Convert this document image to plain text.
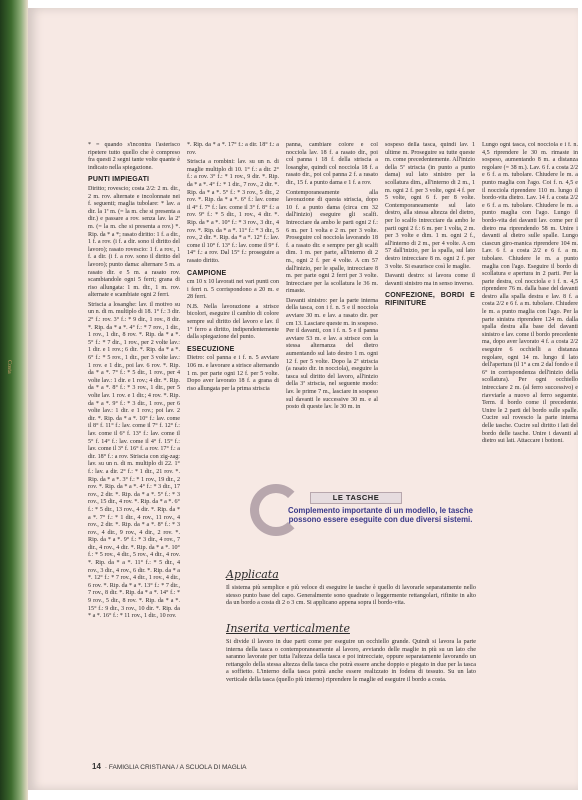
Costa

* = quando s'incontra l'asterisco ripetere tutto quello che è compreso fra questi 2 segni tante volte quante è indicato nella spiegazione.

PUNTI IMPIEGATI

Diritto; rovescio; costa 2/2: 2 m. dir., 2 m. rov. alternate e incolonnate nei f. seguenti; maglia tubolare: * lav. a dir. la 1ª m. (= la m. che si presenta a dir.) e passare a rov. senza lav. la 2ª m. (= la m. che si presenta a rov.) *. Rip. da * a *; rasato diritto: 1 f. a dir., 1 f. a rov. (i f. a dir. sono il diritto del lavoro); rasato rovescio: 1 f. a rov., 1 f. a dir. (i f. a rov. sono il diritto del lavoro); punto dama: alternare 5 m. a rasato dir. e 5 m. a rasato rov. scambiandole ogni 5 ferri; grana di riso allungata: 1 m. dir., 1 m. rov. alternate e scambiate ogni 2 ferri.

Striscia a losanghe: lav. il motivo su un n. di m. multiplo di 18. 1° f.: 3 dir. 2° f.: rov. 3° f.: * 9 dir., 1 rov., 8 dir. *. Rip. da * a *. 4° f.: * 7 rov., 1 dir., 1 rov., 1 dir., 8 rov. *. Rip. da * a *. 5° f.: * 7 dir., 1 rov., per 2 volte lav.: 1 dir. e 1 rov.; 6 dir. *. Rip. da * a *. 6° f.: * 5 rov., 1 dir., per 3 volte lav.: 1 rov. e 1 dir., poi lav. 6 rov. *. Rip. da * a *. 7° f.: * 5 dir., 1 rov., per 4 volte lav.: 1 dir. e 1 rov.; 4 dir. *. Rip. da * a *. 8° f.: * 3 rov., 1 dir., per 5 volte lav. 1 rov. e 1 dir.; 4 rov. *. Rip. da * a *. 9° f.: * 3 dir., 1 rov., per 6 volte lav.: 1 dir. e 1 rov.; poi lav. 2 dir. *. Rip. da * a *. 10° f.: lav. come il 8° f. 11° f.: lav. come il 7° f. 12° f.: lav. come il 6° f. 13° f.: lav. come il 5° f. 14° f.: lav. come il 4° f. 15° f.: lav. come il 3° f. 16° f. a rov. 17° f.: a dir. 18° f.: a rov. Striscia con zig-zag: lav. su un n. di m. multiplo di 22. 1° f.: lav. a dir. 2° f.: * 1 dir., 21 rov. *. Rip. da * a *. 3° f.: * 1 rov., 19 dir., 2 rov. *. Rip. da * a *. 4° f.: * 3 dir., 17 rov., 2 dir. *. Rip. da * a *. 5° f.: * 3 rov., 15 dir., 4 rov. *. Rip. da * a *. 6° f.: * 5 dir., 13 rov., 4 dir. *. Rip. da * a *. 7° f.: * 1 dir., 4 rov., 11 rov., 4 rov., 2 dir. *. Rip. da * a *. 8° f.: * 3 rov., 4 dir., 9 rov., 4 dir., 2 rov. *. Rip. da * a *. 9° f.: * 3 dir., 4 rov., 7 dir., 4 rov., 4 dir. *. Rip. da * a *. 10° f.: * 5 rov., 4 dir., 5 rov., 4 dir., 4 rov. *. Rip. da * a *. 11° f.: * 5 dir., 4 rov., 3 dir., 4 rov., 6 dir. *. Rip. da * a *. 12° f.: * 7 rov., 4 dir., 1 rov., 4 dir., 6 rov. *. Rip. da * a *. 13° f.: * 7 dir., 7 rov., 8 dir. *. Rip. da * a *. 14° f.: * 9 rov., 5 dir., 8 rov. *. Rip. da * a *. 15° f.: 9 dir., 3 rov., 10 dir. *. Rip. da * a *. 16° f.: * 11 rov., 1 dir., 10 rov.

*. Rip. da * a *. 17° f.: a dir. 18° f.: a rov.

Striscia a rombini: lav. su un n. di maglie multiplo di 10. 1° f.: a dir. 2° f.: a rov. 3° f.: * 1 rov., 9 dir. *. Rip. da * a *. 4° f.: * 1 dir., 7 rov., 2 dir. *. Rip. da * a *. 5° f.: * 3 rov., 5 dir., 2 rov. *. Rip. da * a *. 6° f.: lav. come il 4° f. 7° f.: lav. come il 3° f. 8° f.: a rov. 9° f.: * 5 dir., 1 rov., 4 dir. *. Rip. da * a *. 10° f.: * 3 rov., 3 dir., 4 rov. *. Rip. da * a *. 11° f.: * 3 dir., 5 rov., 2 dir. *. Rip. da * a *. 12° f.: lav. come il 10° f. 13° f.: lav. come il 9° f. 14° f.: a rov. Dal 15° f.: proseguire a rasato diritto.

CAMPIONE

cm 10 x 10 lavorati nei vari punti con i ferri n. 5 corrispondono a 20 m. e 28 ferri.

N.B. Nella lavorazione a strisce bicolori, eseguire il cambio di colore sempre sul diritto del lavoro e lav. il 1° ferro a diritto, indipendentemente dalla spiegazione del punto.

ESECUZIONE

Dietro: col panna e i f. n. 5 avviare 106 m. e lavorare a strisce alternando 1 m. per parte ogni 12 f. per 5 volte. Dopo aver lavorato 18 f. a grana di riso allungata per la prima striscia

panna, cambiare colore e col nocciola lav. 18 f. a rasato dir., poi col panna i 18 f. della striscia a losanghe, quindi col nocciola 18 f. a rasato dir., poi col panna 2 f. a rasato dir., 15 f. a punto dama e 1 f. a rov.

Contemporaneamente alla lavorazione di questa striscia, dopo 10 f. a punto dama (circa cm 32 dall'inizio) eseguire gli scalfi. Intrecciare da ambo le parti ogni 2 f.: 6 m. per 1 volta e 2 m. per 3 volte. Proseguire col nocciola lavorando 18 f. a rasato dir. e sempre per gli scalfi dim. 1 m. per parte, all'interno di 2 m., ogni 2 f. per 4 volte. A cm 57 dall'inizio, per le spalle, intrecciare 8 m. per parte ogni 2 ferri per 3 volte. Intrecciare per la scollatura le 36 m. rimaste.

Davanti sinistro: per la parte interna della tasca, con i f. n. 5 e il nocciola avviare 30 m. e lav. a rasato dir. per cm 13. Lasciare queste m. in sospeso. Per il davanti, con i f. n. 5 e il panna avviare 53 m. e lav. a strisce con la stessa alternanza del dietro aumentando sul lato destro 1 m. ogni 12 f. per 5 volte. Dopo la 2ª striscia (a rasato dir. in nocciola), eseguire la tasca sul diritto del lavoro, all'inizio della 3ª striscia, nel seguente modo: lav. le prime 7 m., lasciare in sospeso sul davanti le successive 30 m. e al posto di queste lav. le 30 m. in

sospeso della tasca, quindi lav. 1 ultime m. Proseguire su tutte queste m. come precedentemente. All'inizio della 5ª striscia (in punto a punto dama) sul lato sinistro per la scollatura dim., all'interno di 2 m., 1 m. ogni 2 f. per 3 volte, ogni 4 f. per 5 volte, ogni 6 f. per 8 volte. Contemporaneamente sul lato destro, alla stessa altezza del dietro, per lo scalfo intrecciare da ambo le parti ogni 2 f.: 6 m. per 1 volta, 2 m. per 3 volte e dim. 1 m. ogni 2 f., all'interno di 2 m., per 4 volte. A cm 57 dall'inizio, per la spalla, sul lato destro intrecciare 8 m. ogni 2 f. per 3 volte. Si esaurisce così le maglie.

Davanti destro: si lavora come il davanti sinistro ma in senso inverso.

CONFEZIONE, BORDI E RIFINITURE

Lungo ogni tasca, col nocciola e i f. n. 4,5 riprendere le 30 m. rimaste in sospeso, aumentando 8 m. a distanza regolare (= 38 m.). Lav. 6 f. a costa 2/2 e 6 f. a m. tubolare. Chiudere le m. a punto maglia con l'ago. Coi f. n. 4,5 e il nocciola riprendere 110 m. lungo il bordo-vita dietro. Lav. 14 f. a costa 2/2 e 6 f. a m. tubolare. Chiudere le m. a punto maglia con l'ago. Lungo il bordo-vita dei davanti lav. come per il dietro ma riprendendo 58 m. Unire i davanti al dietro sulle spalle. Lungo ciascun giro-manica riprendere 104 m. Lav. 6 f. a costa 2/2 e 6 f. a m. tubolare. Chiudere le m. a punto maglia con l'ago. Eseguire il bordo di scollatura e apertura in 2 parti. Per la parte destra, col nocciola e i f. n. 4,5 riprendere 76 m. dalla base del davanti destro alla spalla destra e lav. 8 f. a costa 2/2 e 6 f. a m. tubolare. Chiudere le m. a punto maglia con l'ago. Per la parte sinistra riprendere 124 m. dalla spalla destra alla base del davanti sinistro e lav. come il bordo precedente ma, dopo aver lavorato 4 f. a costa 2/2 eseguire 6 occhielli a distanza regolare, ogni 14 m. lungo il lato dell'apertura (il 1° a cm 2 dal fondo e il 6° in corrispondenza dell'inizio della scollatura). Per ogni occhiello intrecciare 2 m. (al ferro successivo) e riavviarle a nuovo al ferro seguente. Term. il bordo come il precedente. Unire le 2 parti del bordo sulle spalle. Cucire sul rovescio la parte interna delle tasche. Cucire sul diritto i lati del bordo delle tasche. Unire i davanti al dietro sui lati. Attaccare i bottoni.

LE TASCHE
Complemento importante di un modello, le tasche possono essere eseguite con due diversi sistemi.
Applicata
Il sistema più semplice e più veloce di eseguire le tasche è quello di lavorarle separatamente nello stesso punto base del capo. Generalmente sono quadrate o leggermente rettangolari, rifinite in alto da un bordo a costa di 2 o 3 cm. Si applicano appena sopra il bordo-vita.
Inserita verticalmente
Si divide il lavoro in due parti come per eseguire un occhiello grande. Quindi si lavora la parte interna della tasca o contemporaneamente al lavoro, avviando delle maglie in più su un lato che saranno lavorate per tutta l'altezza della tasca e poi intrecciate, oppure separatamente lavorando un rettangolo della stessa altezza della tasca che potrà essere anche doppio e piegato in due per la tasca a soffietto. L'interno della tasca potrà anche essere realizzato in fodera di tessuto. Su un lato verticale della tasca (quello più interno) riprendere le maglie ed eseguire il bordo a costa.
14 · FAMIGLIA CRISTIANA / A SCUOLA DI MAGLIA
